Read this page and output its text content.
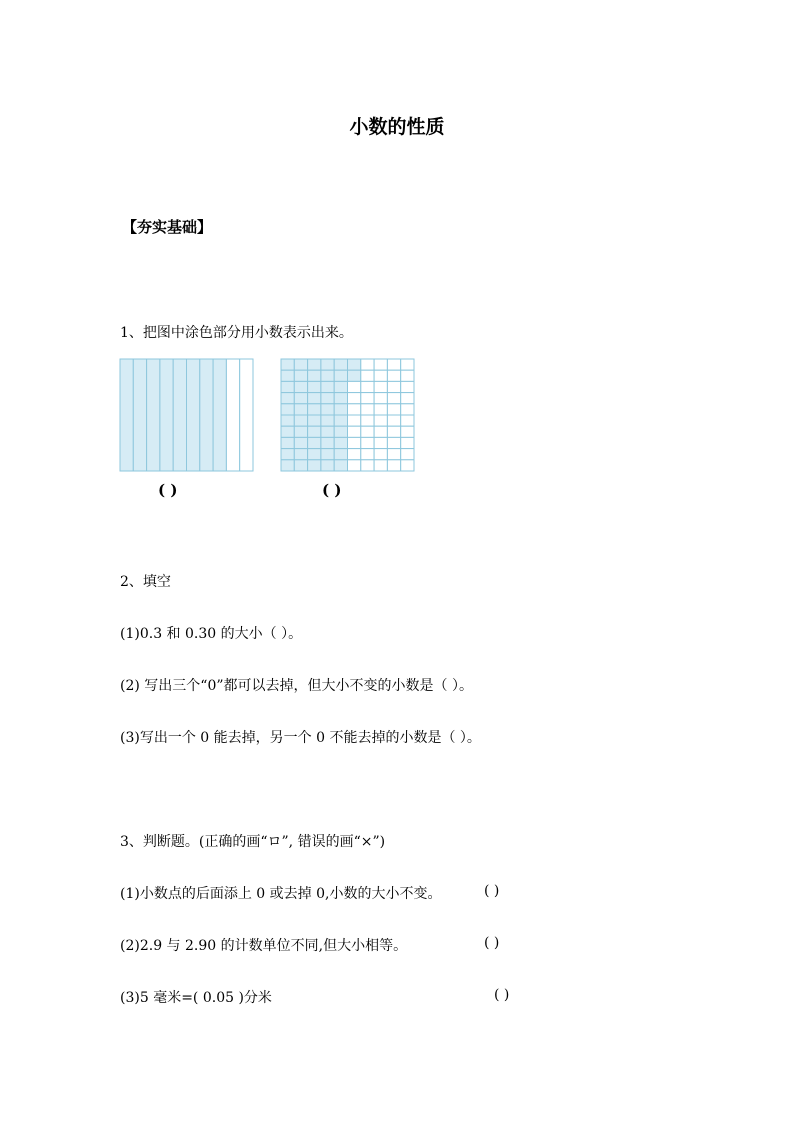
小数的性质
【夯实基础】
1、把图中涂色部分用小数表示出来。
( )	( )
2、填空
(1)0.3 和 0.30 的大小（ ）。
(2) 写出三个“0”都可以去掉，但大小不变的小数是（ ）。
(3)写出一个 0 能去掉，另一个 0 不能去掉的小数是（ ）。
3、判断题。(正确的画“ロ”, 错误的画“×”)
(1)小数点的后面添上 0 或去掉 0,小数的大小不变。	( )
(2)2.9 与 2.90 的计数单位不同,但大小相等。	( )
(3)5 毫米=( 0.05 )分米	( )
